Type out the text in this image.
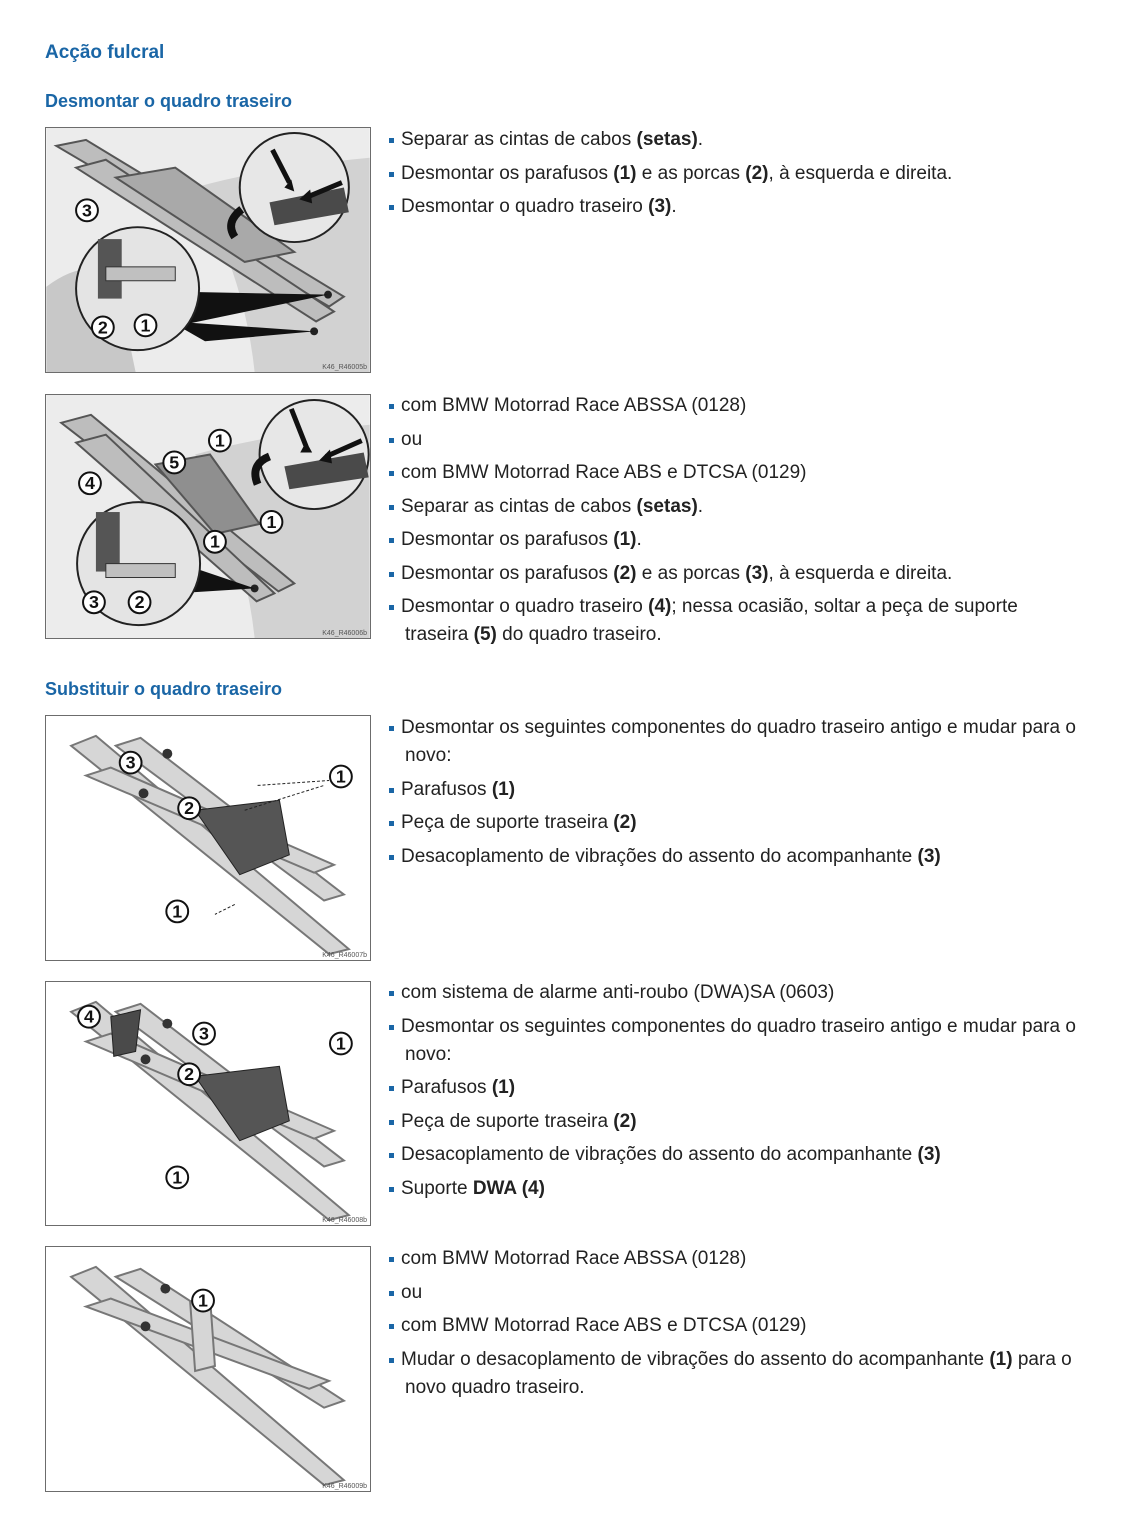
Acção fulcral
Desmontar o quadro traseiro
Substituir o quadro traseiro
3
2 1
K46_R46005b
1
5
4
1
1
3 2
K46_R46006b
3
1
2
1
K46_R46007b
4
3	1
2
1
K46_R46008b
1
K46_R46009b
Separar as cintas de cabos (setas).
Desmontar os parafusos (1) e as porcas (2), à esquerda e direita.
Desmontar o quadro traseiro (3).
com BMW Motorrad Race ABSSA (0128)
ou
com BMW Motorrad Race ABS e DTCSA (0129)
Separar as cintas de cabos (setas).
Desmontar os parafusos (1).
Desmontar os parafusos (2) e as porcas (3), à esquerda e direita.
Desmontar o quadro traseiro (4); nessa ocasião, soltar a peça de suporte
traseira (5) do quadro traseiro.
Desmontar os seguintes componentes do quadro traseiro antigo e mudar para o
novo:
Parafusos (1)
Peça de suporte traseira (2)
Desacoplamento de vibrações do assento do acompanhante (3)
com sistema de alarme anti-roubo (DWA)SA (0603)
Desmontar os seguintes componentes do quadro traseiro antigo e mudar para o
novo:
Parafusos (1)
Peça de suporte traseira (2)
Desacoplamento de vibrações do assento do acompanhante (3)
Suporte DWA (4)
com BMW Motorrad Race ABSSA (0128)
ou
com BMW Motorrad Race ABS e DTCSA (0129)
Mudar o desacoplamento de vibrações do assento do acompanhante (1) para o
novo quadro traseiro.
